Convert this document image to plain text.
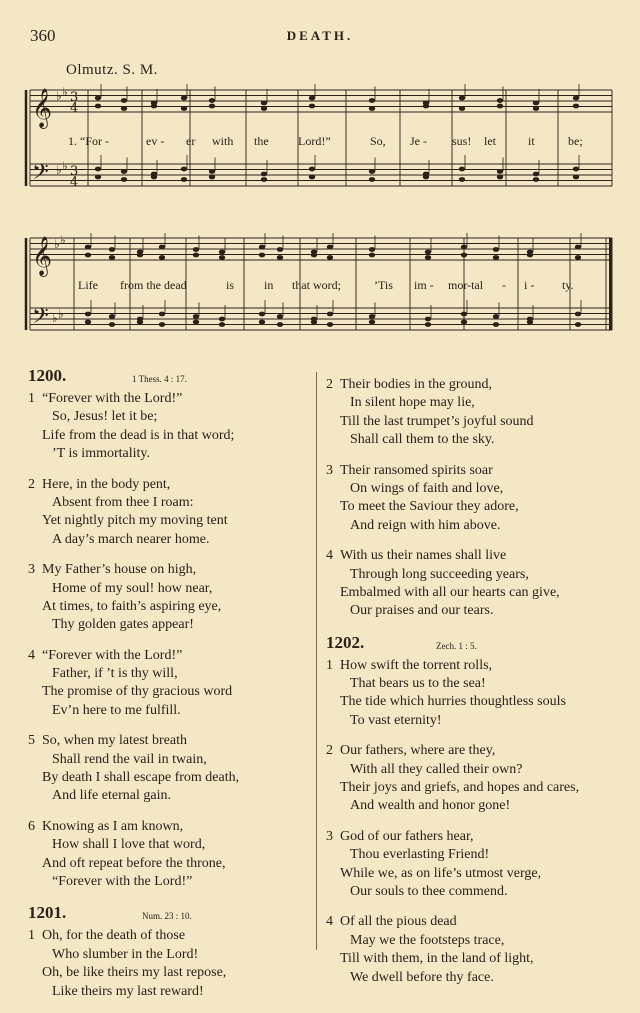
360	DEATH.
Olmutz. S. M.
𝄞
𝄢
𝄞
𝄢
3
4
3
4
♭ ♭
♭ ♭
♭ ♭
♭ ♭
1. “For -	ev - er with the Lord!”	So, Je - sus! let	it	be;
Life from the dead	is in that word;	’Tis im - mor-tal - i - ty.
1200.	1 Thess. 4 : 17.
1 “Forever with the Lord!”
So, Jesus! let it be;
Life from the dead is in that word;
’T is immortality.
2 Here, in the body pent,
Absent from thee I roam:
Yet nightly pitch my moving tent
A day’s march nearer home.
3 My Father’s house on high,
Home of my soul! how near,
At times, to faith’s aspiring eye,
Thy golden gates appear!
4 “Forever with the Lord!”
Father, if ’t is thy will,
The promise of thy gracious word
Ev’n here to me fulfill.
5 So, when my latest breath
Shall rend the vail in twain,
By death I shall escape from death,
And life eternal gain.
6 Knowing as I am known,
How shall I love that word,
And oft repeat before the throne,
“Forever with the Lord!”
1201.	Num. 23 : 10.
1 Oh, for the death of those
Who slumber in the Lord!
Oh, be like theirs my last repose,
Like theirs my last reward!
2 Their bodies in the ground,
In silent hope may lie,
Till the last trumpet’s joyful sound
Shall call them to the sky.
3 Their ransomed spirits soar
On wings of faith and love,
To meet the Saviour they adore,
And reign with him above.
4 With us their names shall live
Through long succeeding years,
Embalmed with all our hearts can give,
Our praises and our tears.
1202.	Zech. 1 : 5.
1 How swift the torrent rolls,
That bears us to the sea!
The tide which hurries thoughtless souls
To vast eternity!
2 Our fathers, where are they,
With all they called their own?
Their joys and griefs, and hopes and cares,
And wealth and honor gone!
3 God of our fathers hear,
Thou everlasting Friend!
While we, as on life’s utmost verge,
Our souls to thee commend.
4 Of all the pious dead
May we the footsteps trace,
Till with them, in the land of light,
We dwell before thy face.
